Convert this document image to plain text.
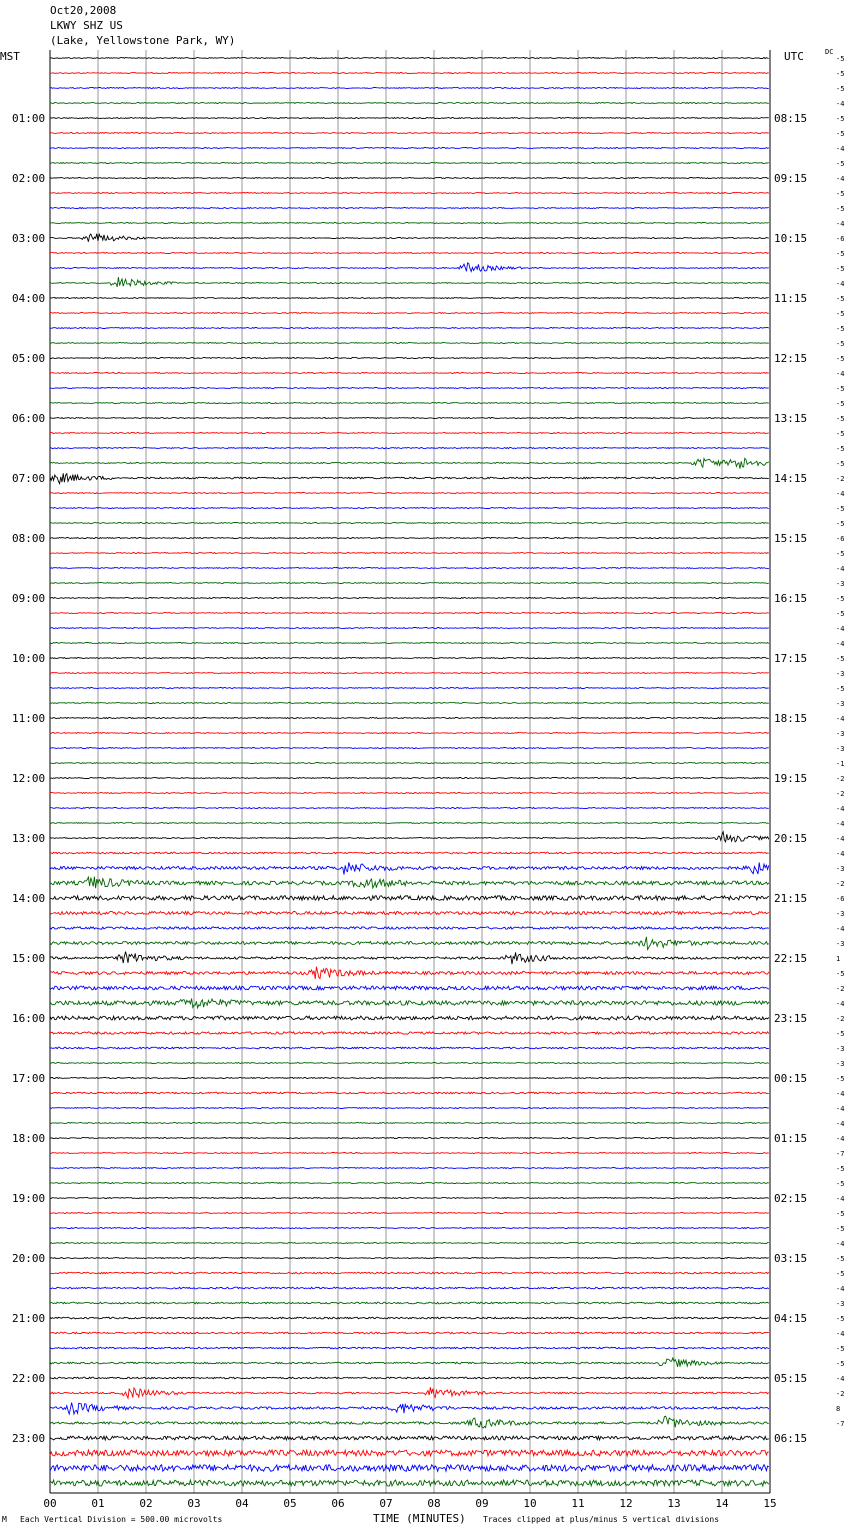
Oct20,2008
LKWY SHZ US
(Lake, Yellowstone Park, WY)
MST	UTC	DC
-5
-5
-5
-4
-5
-5
-4
-5
-4
-5
-5
-4
-6
-5
-5
-4
-5
-5
-5
-5
-5
-4
-5
-5
-5
-5
-5
-5
-2
-4
-5
-5
-6
-5
-4
-3
-5
-5
-4
-4
-5
-3
-5
-3
-4
-3
-3
-1
-2
-2
-4
-4
-4
-4
-3
-2
-6
-3
-4
-3
1
-5
-2
-4
-2
-5
-3
-3
-5
-4
-4
-4
-4
-7
-5
-5
-4
-5
-5
-4
-5
-5
-4
-3
-5
-4
-5
-5
-4
-2
8
-7
01:00	08:15
02:00	09:15
03:00	10:15
04:00	11:15
05:00	12:15
06:00	13:15
07:00	14:15
08:00	15:15
09:00	16:15
10:00	17:15
11:00	18:15
12:00	19:15
13:00	20:15
14:00	21:15
15:00	22:15
16:00	23:15
17:00	00:15
18:00	01:15
19:00	02:15
20:00	03:15
21:00	04:15
22:00	05:15
23:00	06:15
00	01	02	03	04	05	06	07	08	09	10	11	12	13	14	15
M Each Vertical Division = 500.00 microvolts	TIME (MINUTES) Traces clipped at plus/minus 5 vertical divisions
